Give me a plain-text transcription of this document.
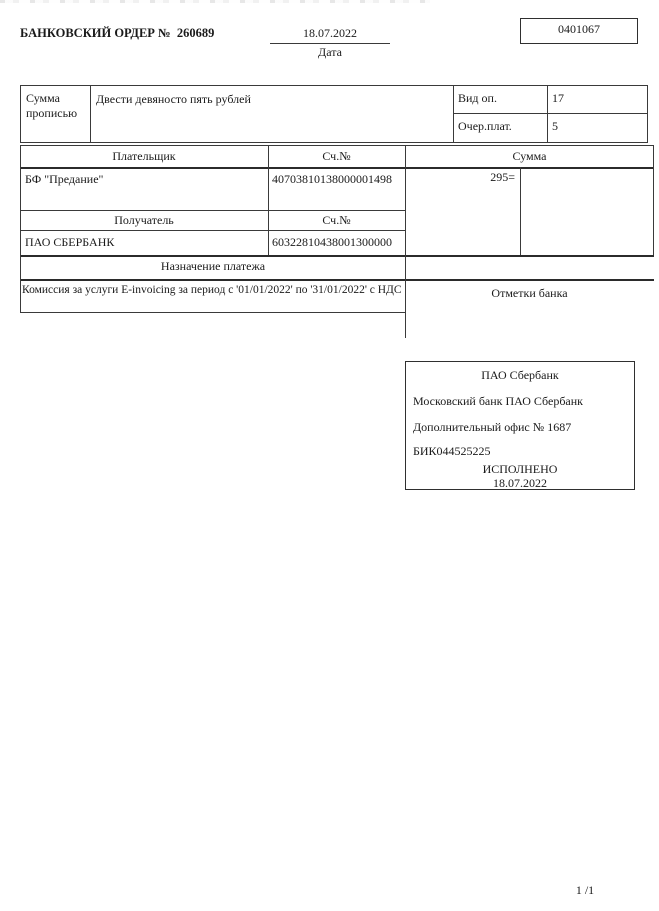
БАНКОВСКИЙ ОРДЕР №  260689	18.07.2022
Дата
0401067
Сумма
прописью
Двести девяносто пять рублей	Вид оп.	17
Очер.плат.	5
Плательщик	Сч.№	Сумма
БФ "Предание"	40703810138000001498	295=
Получатель	Сч.№
ПАО СБЕРБАНК	60322810438001300000
Назначение платежа
Комиссия за услуги E-invoicing за период с '01/01/2022' по '31/01/2022' с НДС	Отметки банка
ПАО Сбербанк
Московский банк ПАО Сбербанк
Дополнительный офис № 1687
БИК044525225
ИСПОЛНЕНО
18.07.2022
1 /1
